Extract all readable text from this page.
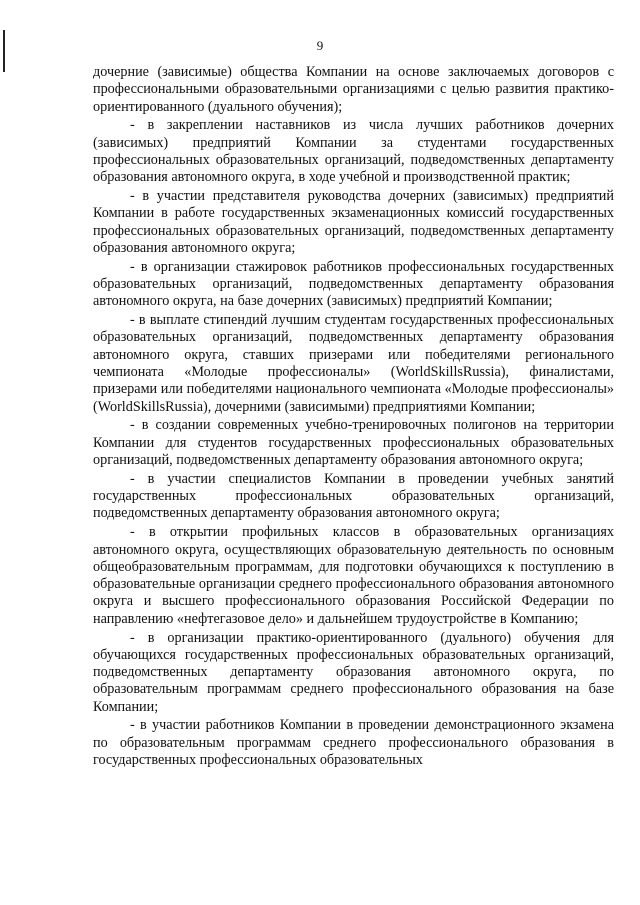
9

дочерние (зависимые) общества Компании на основе заключаемых договоров с профессиональными образовательными организациями с целью развития практико-ориентированного (дуального обучения);

- в закреплении наставников из числа лучших работников дочерних (зависимых) предприятий Компании за студентами государственных профессиональных образовательных организаций, подведомственных департаменту образования автономного округа, в ходе учебной и производственной практик;

- в участии представителя руководства дочерних (зависимых) предприятий Компании в работе государственных экзаменационных комиссий государственных профессиональных образовательных организаций, подведомственных департаменту образования автономного округа;

- в организации стажировок работников профессиональных государственных образовательных организаций, подведомственных департаменту образования автономного округа, на базе дочерних (зависимых) предприятий Компании;

- в выплате стипендий лучшим студентам государственных профессиональных образовательных организаций, подведомственных департаменту образования автономного округа, ставших призерами или победителями регионального чемпионата «Молодые профессионалы» (WorldSkillsRussia), финалистами, призерами или победителями национального чемпионата «Молодые профессионалы» (WorldSkillsRussia), дочерними (зависимыми) предприятиями Компании;

- в создании современных учебно-тренировочных полигонов на территории Компании для студентов государственных профессиональных образовательных организаций, подведомственных департаменту образования автономного округа;

- в участии специалистов Компании в проведении учебных занятий государственных профессиональных образовательных организаций, подведомственных департаменту образования автономного округа;

- в открытии профильных классов в образовательных организациях автономного округа, осуществляющих образовательную деятельность по основным общеобразовательным программам, для подготовки обучающихся к поступлению в образовательные организации среднего профессионального образования автономного округа и высшего профессионального образования Российской Федерации по направлению «нефтегазовое дело» и дальнейшем трудоустройстве в Компанию;

- в организации практико-ориентированного (дуального) обучения для обучающихся государственных профессиональных образовательных организаций, подведомственных департаменту образования автономного округа, по образовательным программам среднего профессионального образования на базе Компании;

- в участии работников Компании в проведении демонстрационного экзамена по образовательным программам среднего профессионального образования в государственных профессиональных образовательных
